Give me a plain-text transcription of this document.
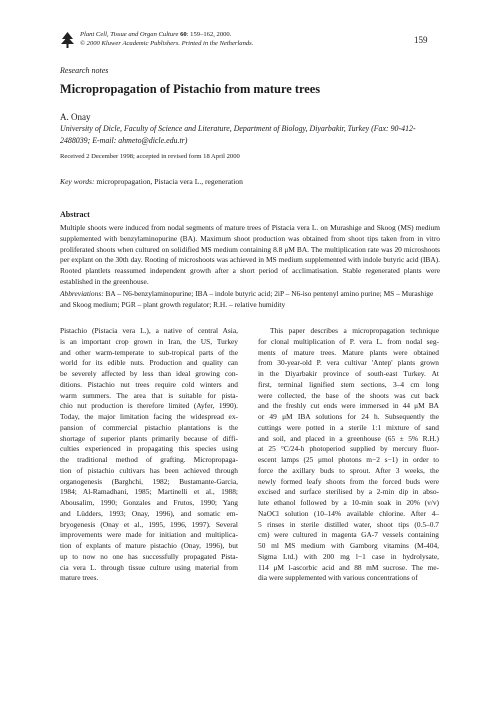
Plant Cell, Tissue and Organ Culture 60: 159–162, 2000.
© 2000 Kluwer Academic Publishers. Printed in the Netherlands.	159
Research notes
Micropropagation of Pistachio from mature trees
A. Onay
University of Dicle, Faculty of Science and Literature, Department of Biology, Diyarbakir, Turkey (Fax: 90-412-2488039; E-mail: ahmeto@dicle.edu.tr)
Received 2 December 1998; accepted in revised form 18 April 2000
Key words: micropropagation, Pistacia vera L., regeneration
Abstract
Multiple shoots were induced from nodal segments of mature trees of Pistacia vera L. on Murashige and Skoog (MS) medium supplemented with benzylaminopurine (BA). Maximum shoot production was obtained from shoot tips taken from in vitro proliferated shoots when cultured on solidified MS medium containing 8.8 μM BA. The multiplication rate was 20 microshoots per explant on the 30th day. Rooting of microshoots was achieved in MS medium supplemented with indole butyric acid (IBA). Rooted plantlets reassumed independent growth after a short period of acclimatisation. Stable regenerated plants were established in the greenhouse.
Abbreviations: BA – N6-benzylaminopurine; IBA – indole butyric acid; 2iP – N6-iso pentenyl amino purine; MS – Murashige and Skoog medium; PGR – plant growth regulator; R.H. – relative humidity
Pistachio (Pistacia vera L.), a native of central Asia,
is an important crop grown in Iran, the US, Turkey
and other warm-temperate to sub-tropical parts of the
world for its edible nuts. Production and quality can
be severely affected by less than ideal growing con-
ditions. Pistachio nut trees require cold winters and
warm summers. The area that is suitable for pista-
chio nut production is therefore limited (Ayfer, 1990).
Today, the major limitation facing the widespread ex-
pansion of commercial pistachio plantations is the
shortage of superior plants primarily because of diffi-
culties experienced in propagating this species using
the traditional method of grafting. Micropropaga-
tion of pistachio cultivars has been achieved through
organogenesis (Barghchi, 1982; Bustamante-Garcia,
1984; Al-Ramadhani, 1985; Martinelli et al., 1988;
Abousalim, 1990; Gonzales and Frutos, 1990; Yang
and Lüdders, 1993; Onay, 1996), and somatic em-
bryogenesis (Onay et al., 1995, 1996, 1997). Several
improvements were made for initiation and multiplica-
tion of explants of mature pistachio (Onay, 1996), but
up to now no one has successfully propagated Pista-
cia vera L. through tissue culture using material from
mature trees.
This paper describes a micropropagation technique
for clonal multiplication of P. vera L. from nodal seg-
ments of mature trees. Mature plants were obtained
from 30-year-old P. vera cultivar 'Antep' plants grown
in the Diyarbakir province of south-east Turkey. At
first, terminal lignified stem sections, 3–4 cm long
were collected, the base of the shoots was cut back
and the freshly cut ends were immersed in 44 μM BA
or 49 μM IBA solutions for 24 h. Subsequently the
cuttings were potted in a sterile 1:1 mixture of sand
and soil, and placed in a greenhouse (65 ± 5% R.H.)
at 25 °C/24-h photoperiod supplied by mercury fluor-
escent lamps (25 μmol photons m−2 s−1) in order to
force the axillary buds to sprout. After 3 weeks, the
newly formed leafy shoots from the forced buds were
excised and surface sterilised by a 2-min dip in abso-
lute ethanol followed by a 10-min soak in 20% (v/v)
NaOCl solution (10–14% available chlorine. After 4–
5 rinses in sterile distilled water, shoot tips (0.5–0.7
cm) were cultured in magenta GA-7 vessels containing
50 ml MS medium with Gamborg vitamins (M-404,
Sigma Ltd.) with 200 mg l−1 case in hydrolysate,
114 μM l-ascorbic acid and 88 mM sucrose. The me-
dia were supplemented with various concentrations of
